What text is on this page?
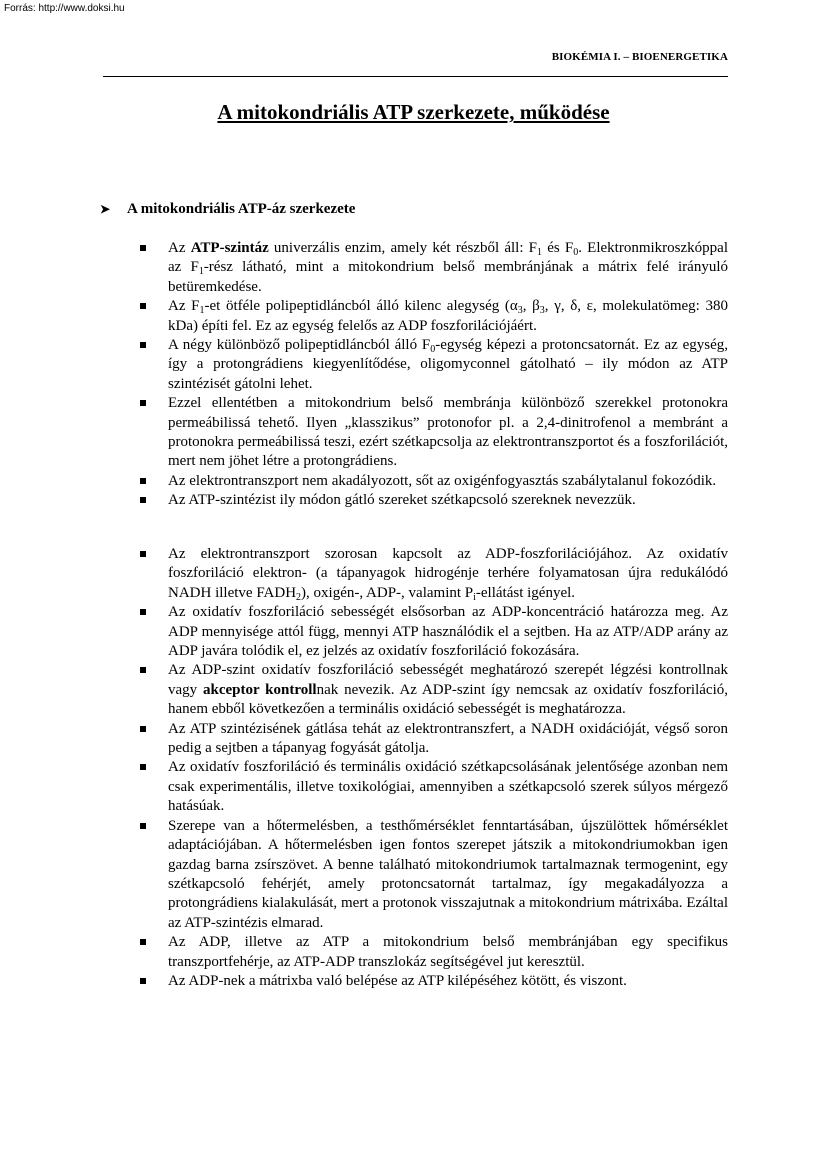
Forrás: http://www.doksi.hu
BIOKÉMIA I. – BIOENERGETIKA
A mitokondriális ATP szerkezete, működése
➤	A mitokondriális ATP-áz szerkezete
Az ATP-szintáz univerzális enzim, amely két részből áll: $F_1$ és $F_0$. Elektronmikroszkóppal az $F_1$-rész látható, mint a mitokondrium belső membránjának a mátrix felé irányuló betüremkedése.
Az $F_1-et$ ötféle polipeptidláncból álló kilenc alegység ($\alpha_3$, $\beta_3$, γ, δ, ε, molekulatömeg: 380 kDa) építi fel. Ez az egység felelős az ADP foszforilációjáért.
A négy különböző polipeptidláncból álló $F_0$-egység képezi a protoncsatornát. Ez az egység, így a protongrádiens kiegyenlítődése, oligomyconnel gátolható – ily módon az ATP szintézisét gátolni lehet.
Ezzel ellentétben a mitokondrium belső membránja különböző szerekkel protonokra permeábilissá tehető. Ilyen „klasszikus” protonofor pl. a 2,4-dinitrofenol a membránt a protonokra permeábilissá teszi, ezért szétkapcsolja az elektrontranszportot és a foszforilációt, mert nem jöhet létre a protongrádiens.
Az elektrontranszport nem akadályozott, sőt az oxigénfogyasztás szabálytalanul fokozódik.
Az ATP-szintézist ily módon gátló szereket szétkapcsoló szereknek nevezzük.
Az elektrontranszport szorosan kapcsolt az ADP-foszforilációjához. Az oxidatív foszforiláció elektron- (a tápanyagok hidrogénje terhére folyamatosan újra redukálódó NADH illetve $FADH_2$), oxigén-, ADP-, valamint $P_i$-ellátást igényel.
Az oxidatív foszforiláció sebességét elsősorban az ADP-koncentráció határozza meg. Az ADP mennyisége attól függ, mennyi ATP használódik el a sejtben. Ha az ATP/ADP arány az ADP javára tolódik el, ez jelzés az oxidatív foszforiláció fokozására.
Az ADP-szint oxidatív foszforiláció sebességét meghatározó szerepét légzési kontrollnak vagy akceptor kontrollnak nevezik. Az ADP-szint így nemcsak az oxidatív foszforiláció, hanem ebből következően a terminális oxidáció sebességét is meghatározza.
Az ATP szintézisének gátlása tehát az elektrontranszfert, a NADH oxidációját, végső soron pedig a sejtben a tápanyag fogyását gátolja.
Az oxidatív foszforiláció és terminális oxidáció szétkapcsolásának jelentősége azonban nem csak experimentális, illetve toxikológiai, amennyiben a szétkapcsoló szerek súlyos mérgező hatásúak.
Szerepe van a hőtermelésben, a testhőmérséklet fenntartásában, újszülöttek hőmérséklet adaptációjában. A hőtermelésben igen fontos szerepet játszik a mitokondriumokban igen gazdag barna zsírszövet. A benne található mitokondriumok tartalmaznak termogenint, egy szétkapcsoló fehérjét, amely protoncsatornát tartalmaz, így megakadályozza a protongrádiens kialakulását, mert a protonok visszajutnak a mitokondrium mátrixába. Ezáltal az ATP-szintézis elmarad.
Az ADP, illetve az ATP a mitokondrium belső membránjában egy specifikus transzportfehérje, az ATP-ADP transzlokáz segítségével jut keresztül.
Az ADP-nek a mátrixba való belépése az ATP kilépéséhez kötött, és viszont.
